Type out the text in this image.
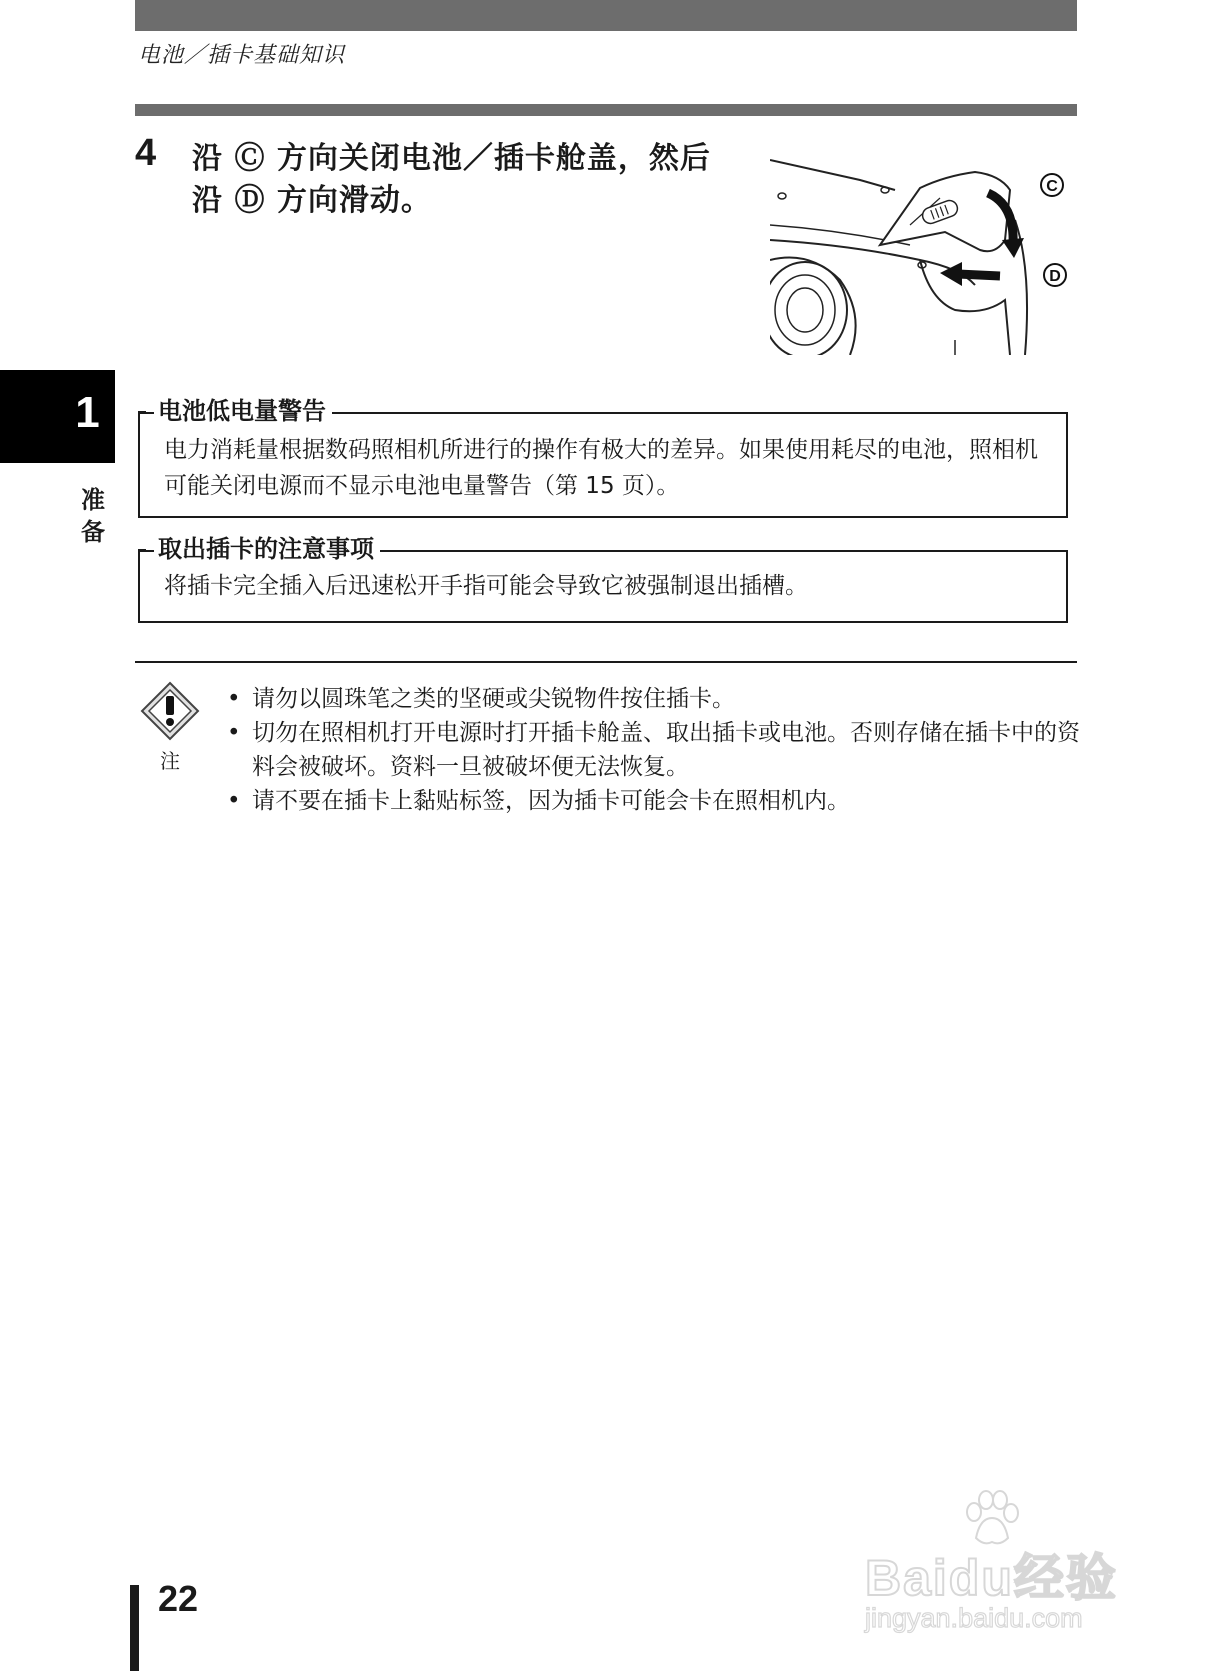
电池／插卡基础知识
1
准备
4 沿 Ⓒ 方向关闭电池／插卡舱盖，然后
沿 Ⓓ 方向滑动。	C
D
电池低电量警告
电力消耗量根据数码照相机所进行的操作有极大的差异。如果使用耗尽的电池，照相机可能关闭电源而不显示电池电量警告（第 15 页）。
取出插卡的注意事项
将插卡完全插入后迅速松开手指可能会导致它被强制退出插槽。
注
• 请勿以圆珠笔之类的坚硬或尖锐物件按住插卡。
• 切勿在照相机打开电源时打开插卡舱盖、取出插卡或电池。否则存储在插卡中的资料会被破坏。资料一旦被破坏便无法恢复。
• 请不要在插卡上黏贴标签，因为插卡可能会卡在照相机内。
22	Baidu经验
jingyan.baidu.com
